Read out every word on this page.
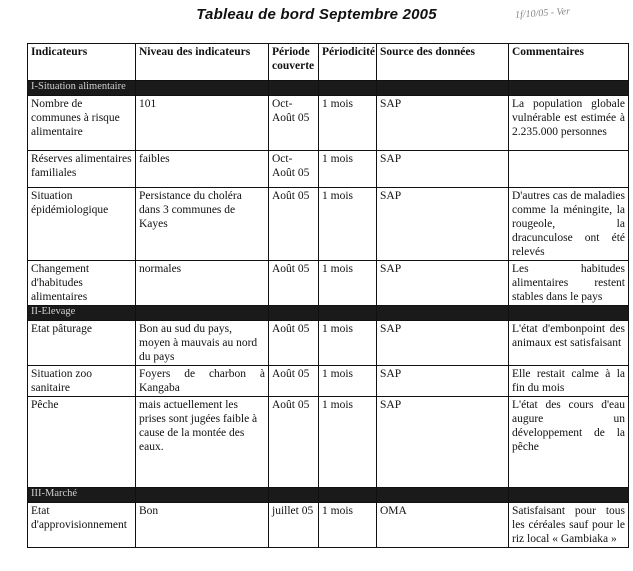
Tableau de bord Septembre 2005	1f/10/05 - Ver
Indicateurs	Niveau des indicateurs	Période couverte	Périodicité	Source des données	Commentaires
I-Situation alimentaire					
Nombre de communes à risque alimentaire	101	Oct-Août 05	1 mois	SAP	La population globale vulnérable est estimée à 2.235.000 personnes
Réserves alimentaires familiales	faibles	Oct-Août 05	1 mois	SAP	
Situation épidémiologique	Persistance du choléra dans 3 communes de Kayes	Août 05	1 mois	SAP	D'autres cas de maladies comme la méningite, la rougeole, la dracunculose ont été relevés
Changement d'habitudes alimentaires	normales	Août 05	1 mois	SAP	Les habitudes alimentaires restent stables dans le pays
II-Elevage					
Etat pâturage	Bon au sud du pays, moyen à mauvais au nord du pays	Août 05	1 mois	SAP	L'état d'embonpoint des animaux est satisfaisant
Situation zoo sanitaire	Foyers de charbon à Kangaba	Août 05	1 mois	SAP	Elle restait calme à la fin du mois
Pêche	mais actuellement les prises sont jugées faible à cause de la montée des eaux.	Août 05	1 mois	SAP	L'état des cours d'eau augure un développement de la pêche
III-Marché					
Etat d'approvisionnement	Bon	juillet 05	1 mois	OMA	Satisfaisant pour tous les céréales sauf pour le riz local « Gambiaka »
